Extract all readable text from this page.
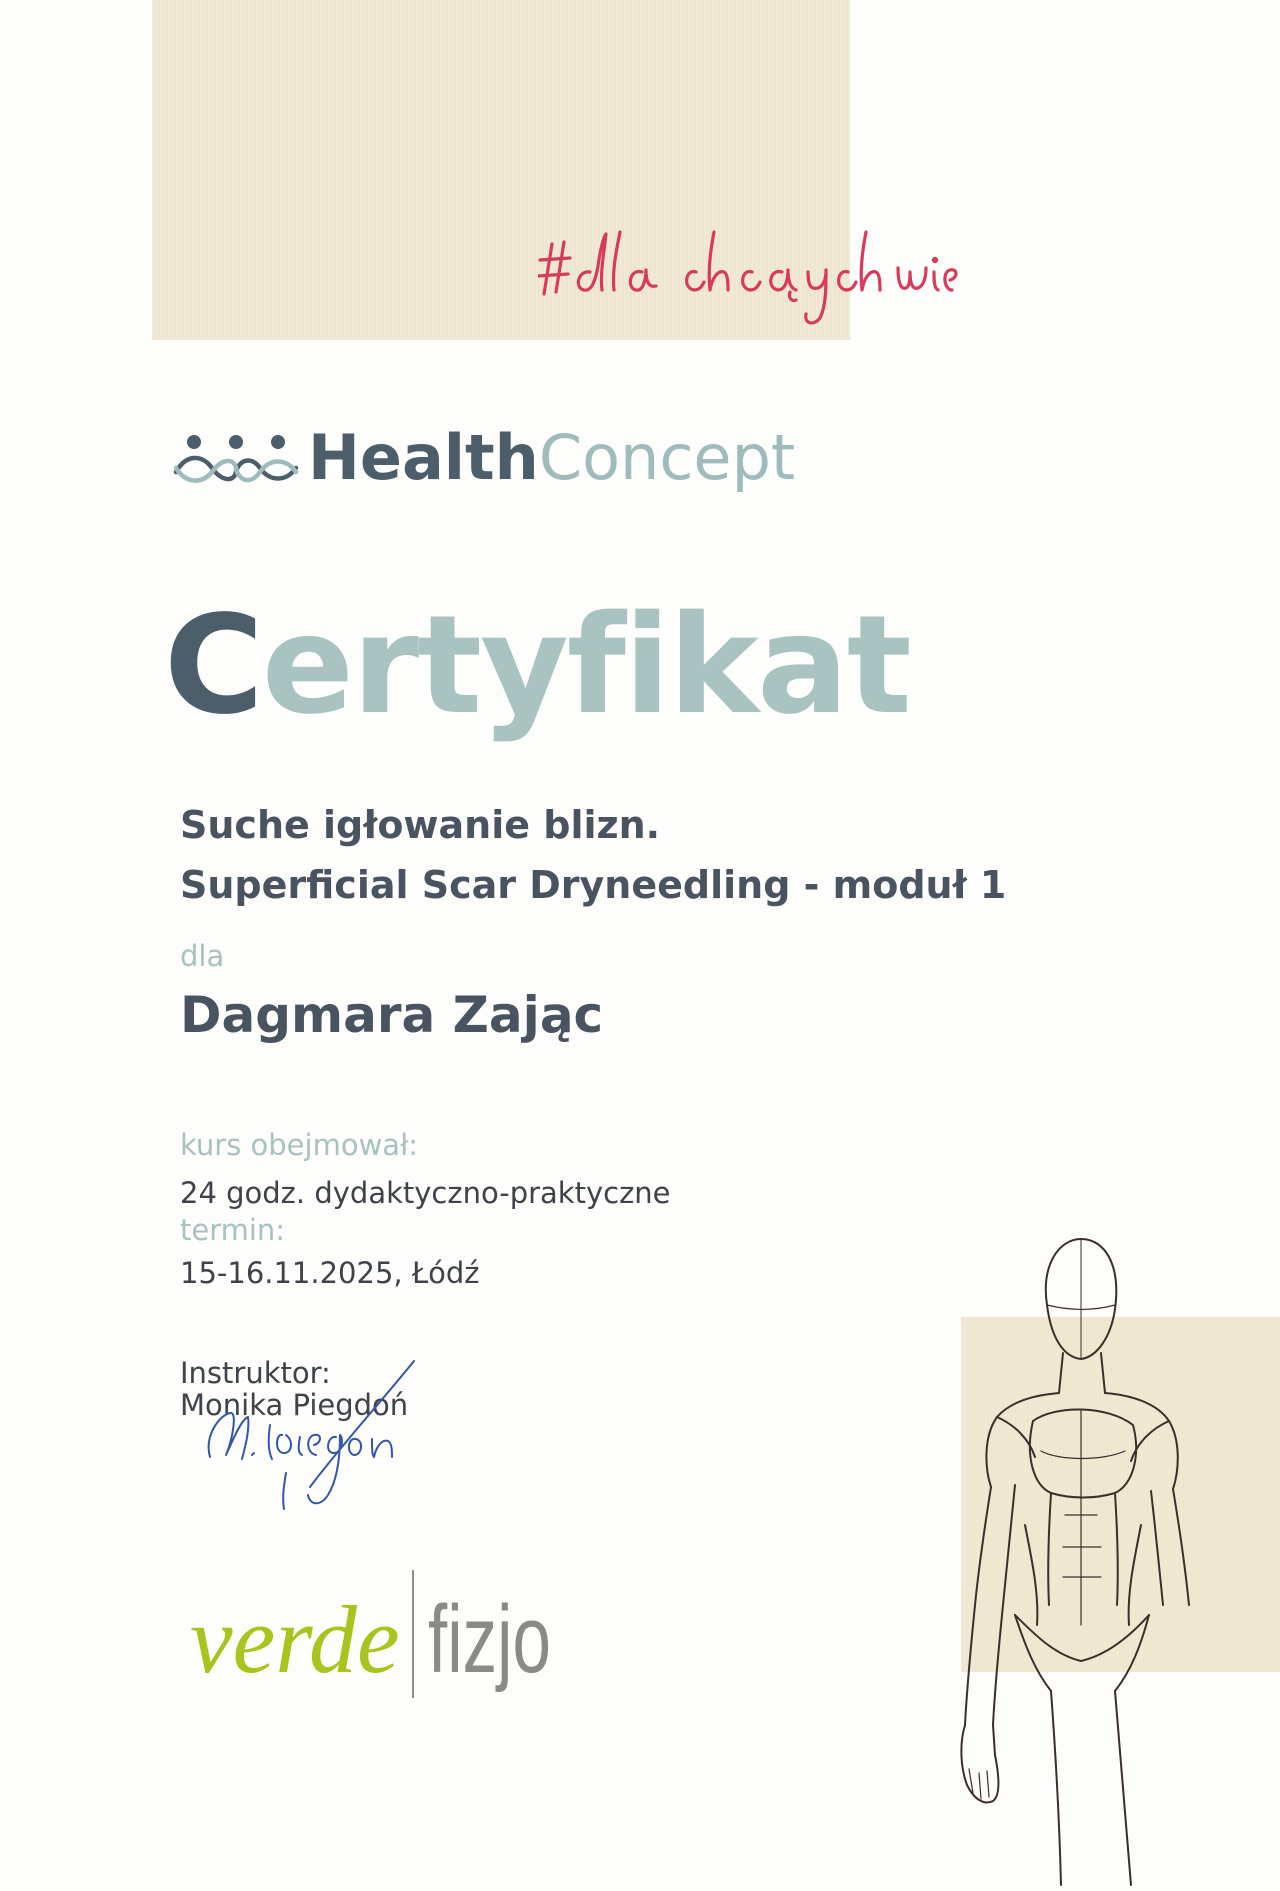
HealthConcept
Certyfikat
Suche igłowanie blizn.
Superficial Scar Dryneedling - moduł 1
dla
Dagmara Zając
kurs obejmował:
24 godz. dydaktyczno-praktyczne
termin:
15-16.11.2025, Łódź
Instruktor:
Monika Piegdoń
verde fizjo
